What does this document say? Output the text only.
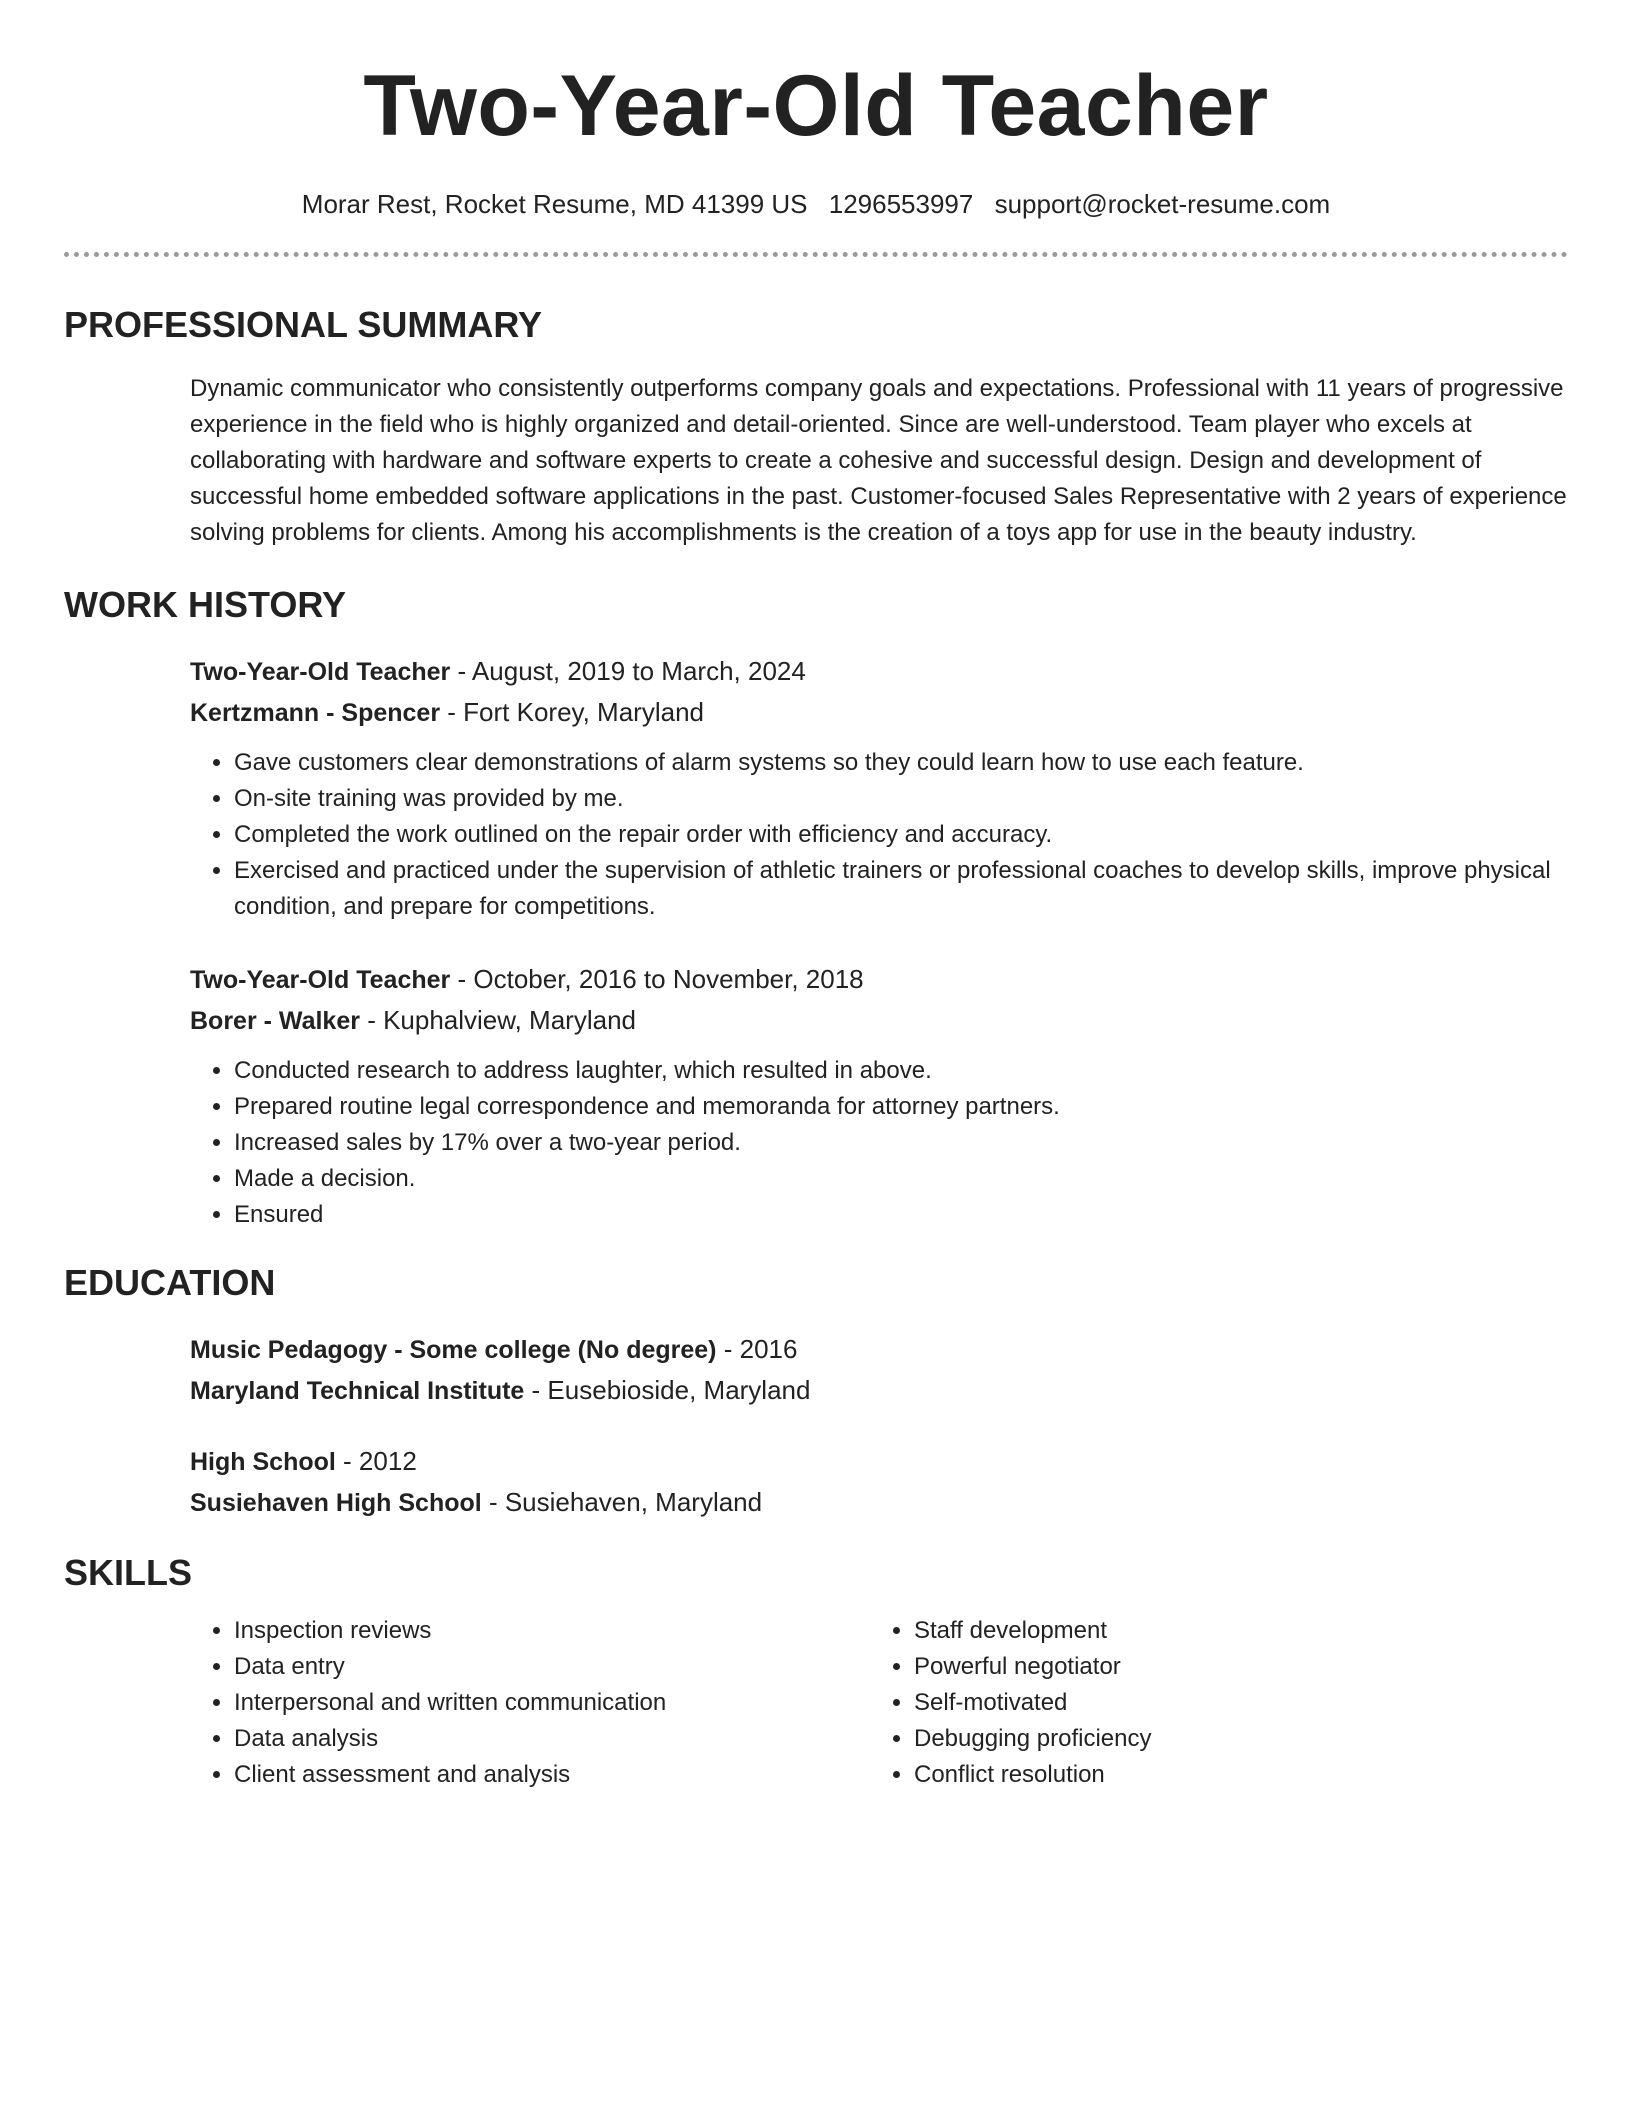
Two-Year-Old Teacher
Morar Rest, Rocket Resume, MD 41399 US 1296553997 support@rocket-resume.com
PROFESSIONAL SUMMARY
Dynamic communicator who consistently outperforms company goals and expectations. Professional with 11 years of progressive experience in the field who is highly organized and detail-oriented. Since are well-understood. Team player who excels at collaborating with hardware and software experts to create a cohesive and successful design. Design and development of successful home embedded software applications in the past. Customer-focused Sales Representative with 2 years of experience solving problems for clients. Among his accomplishments is the creation of a toys app for use in the beauty industry.
WORK HISTORY
Two-Year-Old Teacher - August, 2019 to March, 2024
Kertzmann - Spencer - Fort Korey, Maryland
• Gave customers clear demonstrations of alarm systems so they could learn how to use each feature.
• On-site training was provided by me.
• Completed the work outlined on the repair order with efficiency and accuracy.
• Exercised and practiced under the supervision of athletic trainers or professional coaches to develop skills, improve physical condition, and prepare for competitions.
Two-Year-Old Teacher - October, 2016 to November, 2018
Borer - Walker - Kuphalview, Maryland
• Conducted research to address laughter, which resulted in above.
• Prepared routine legal correspondence and memoranda for attorney partners.
• Increased sales by 17% over a two-year period.
• Made a decision.
• Ensured
EDUCATION
Music Pedagogy - Some college (No degree) - 2016
Maryland Technical Institute - Eusebioside, Maryland
High School - 2012
Susiehaven High School - Susiehaven, Maryland
SKILLS
• Inspection reviews
• Data entry
• Interpersonal and written communication
• Data analysis
• Client assessment and analysis
• Staff development
• Powerful negotiator
• Self-motivated
• Debugging proficiency
• Conflict resolution
